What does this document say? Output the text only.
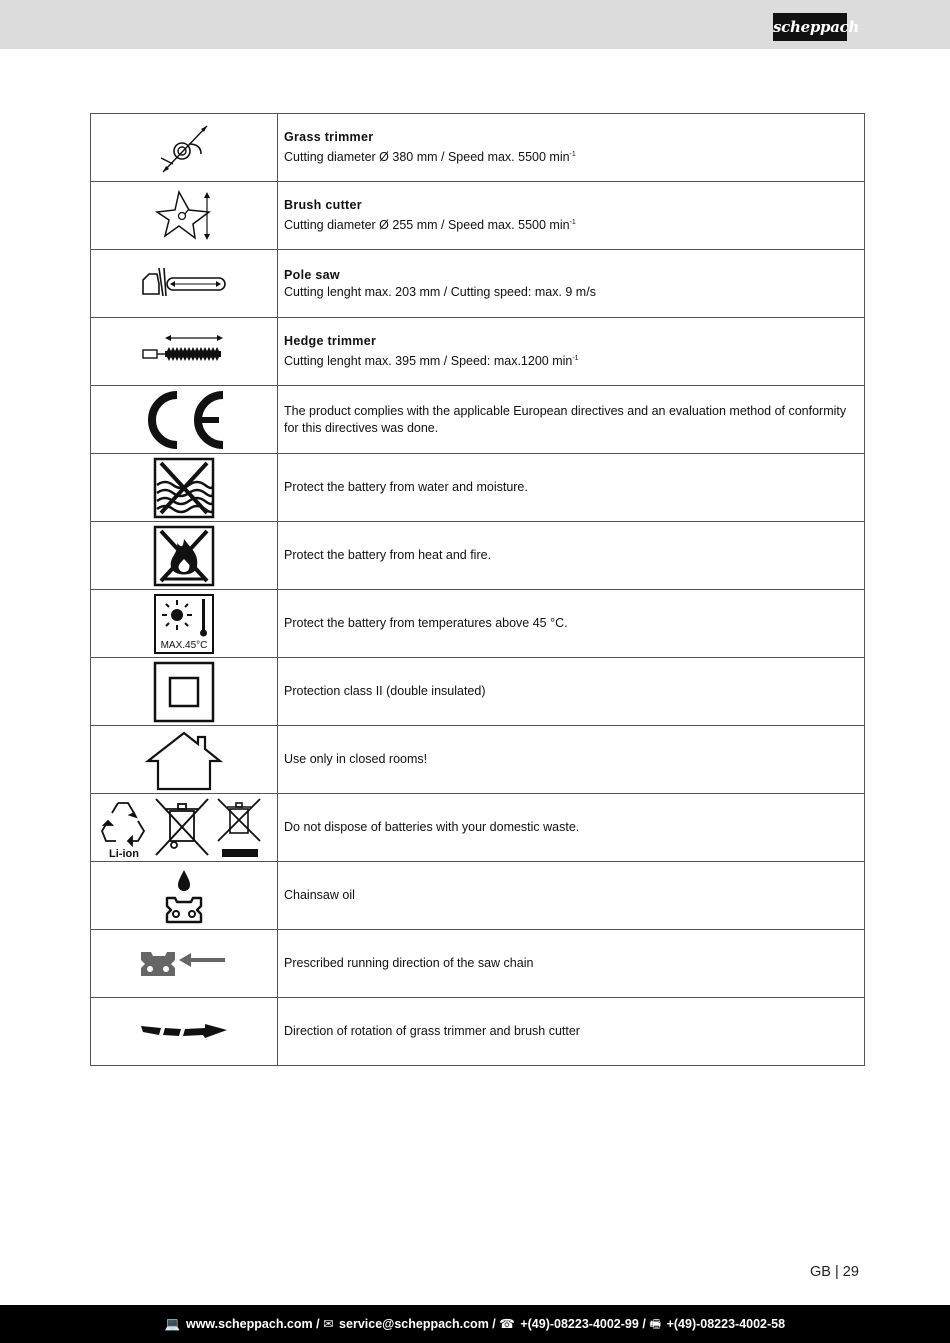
scheppach

Grass trimmer
Cutting diameter Ø 380 mm / Speed max. 5500 $\min^{-1}$

Brush cutter
Cutting diameter Ø 255 mm / Speed max. 5500 $\min^{-1}$

Pole saw
Cutting lenght max. 203 mm / Cutting speed: max. 9 m/s

Hedge trimmer
Cutting lenght max. 395 mm / Speed: max.1200 $\min^{-1}$

	The product complies with the applicable European directives and an evaluation method of conformity for this directives was done.

	Protect the battery from water and moisture.

	Protect the battery from heat and fire.

MAX.45°C	Protect the battery from temperatures above 45 °C.

	Protection class II (double insulated)

	Use only in closed rooms!

Li-ion	Do not dispose of batteries with your domestic waste.

	Chainsaw oil

	Prescribed running direction of the saw chain

	Direction of rotation of grass trimmer and brush cutter
GB | 29
💻 www.scheppach.com / ✉ service@scheppach.com / ☎ +(49)-08223-4002-99 / 🖷 +(49)-08223-4002-58
